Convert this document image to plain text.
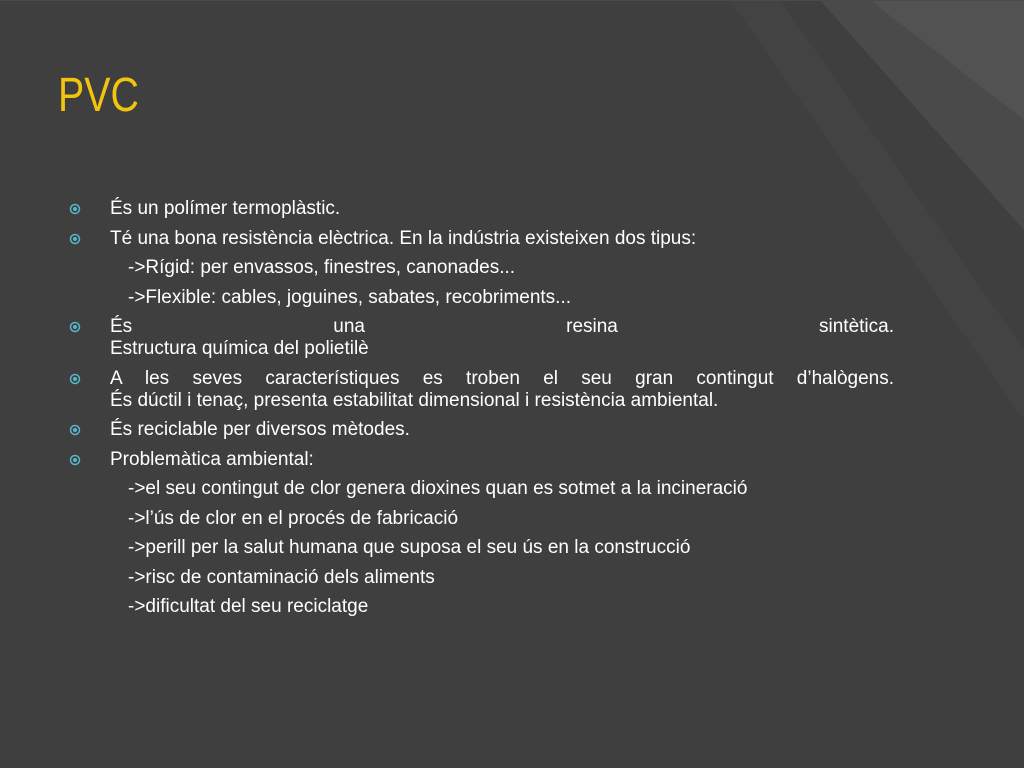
PVC
És un polímer termoplàstic.
Té una bona resistència elèctrica. En la indústria existeixen dos tipus:
->Rígid: per envassos, finestres, canonades...
->Flexible: cables, joguines, sabates, recobriments...
És una resina sintètica.
Estructura química del polietilè
A les seves característiques es troben el seu gran contingut d’halògens.
És dúctil i tenaç, presenta estabilitat dimensional i resistència ambiental.
És reciclable per diversos mètodes.
Problemàtica ambiental:
->el seu contingut de clor genera dioxines quan es sotmet a la incineració
->l’ús de clor en el procés de fabricació
->perill per la salut humana que suposa el seu ús en la construcció
->risc de contaminació dels aliments
->dificultat del seu reciclatge
